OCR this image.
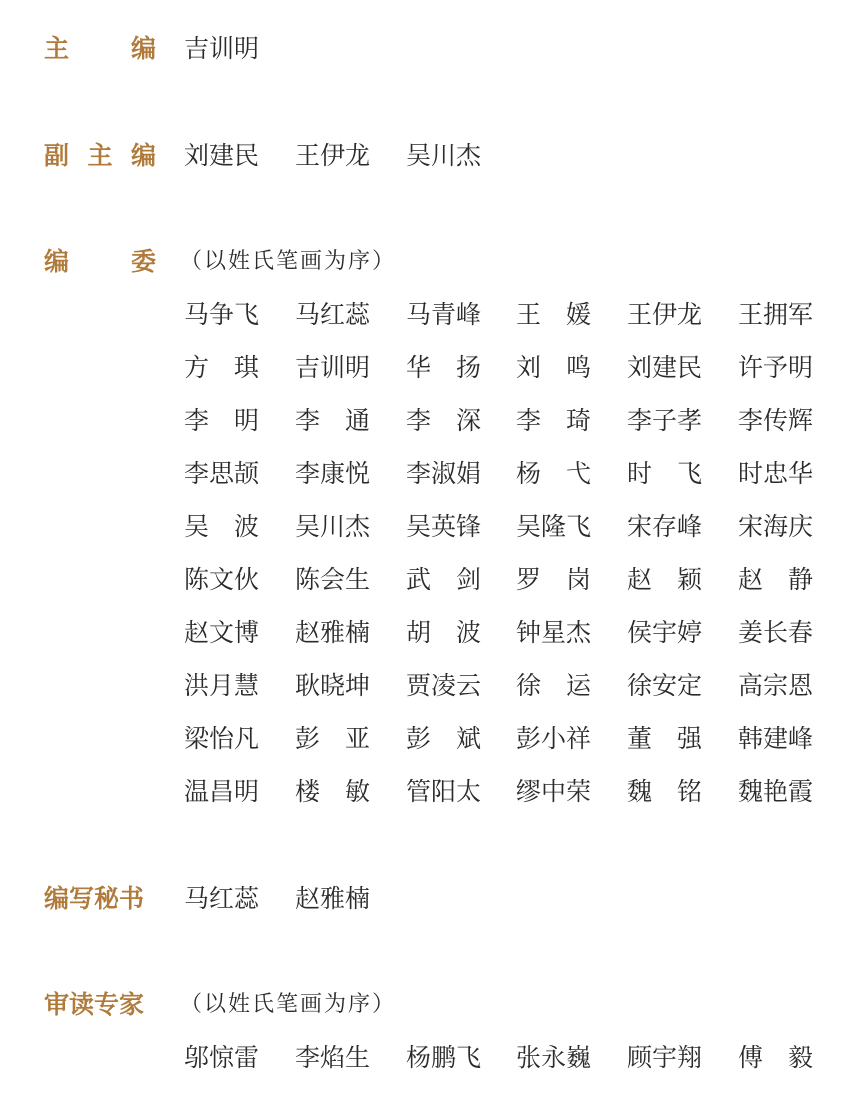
主 编 吉训明
副 主 编 刘建民 王伊龙 吴川杰
编 委 （以姓氏笔画为序）
马争飞 马红蕊 马青峰 王　媛 王伊龙 王拥军
方　琪 吉训明 华　扬 刘　鸣 刘建民 许予明
李　明 李　通 李　深 李　琦 李子孝 李传辉
李思颉 李康悦 李淑娟 杨　弋 时　飞 时忠华
吴　波 吴川杰 吴英锋 吴隆飞 宋存峰 宋海庆
陈文伙 陈会生 武　剑 罗　岗 赵　颖 赵　静
赵文博 赵雅楠 胡　波 钟星杰 侯宇婷 姜长春
洪月慧 耿晓坤 贾凌云 徐　运 徐安定 高宗恩
梁怡凡 彭　亚 彭　斌 彭小祥 董　强 韩建峰
温昌明 楼　敏 管阳太 缪中荣 魏　铭 魏艳霞
编写秘书 马红蕊 赵雅楠
审读专家 （以姓氏笔画为序）
邬惊雷 李焰生 杨鹏飞 张永巍 顾宇翔 傅　毅
